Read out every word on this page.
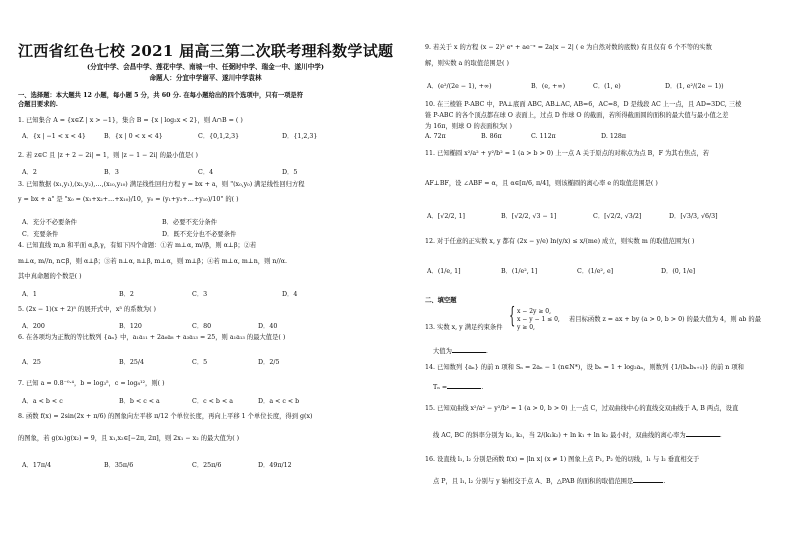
江西省红色七校 2021 届高三第二次联考理科数学试题
(分宜中学、会昌中学、莲花中学、南城一中、任弼时中学、瑞金一中、遂川中学)
命题人：分宜中学谢平、遂川中学袁林
一、选择题：本大题共 12 小题，每小题 5 分，共 60 分. 在每小题给出的四个选项中，只有一项是符
合题目要求的.
1. 已知集合 A = {x∈Z | x > −1}，集合 B = {x | log₂x < 2}，则 A∩B = ( )
A．{x | −1 < x < 4}	B．{x | 0 < x < 4}	C．{0,1,2,3}	D．{1,2,3}
2. 若 z∈C 且 |z + 2 − 2i| = 1，则 |z − 1 − 2i| 的最小值是( )
A．2	B．3	C．4	D．5
3. 已知数据 (x₁,y₁),(x₂,y₂),…,(x₁₀,y₁₀) 满足线性回归方程 y = bx + a，则 "(x₀,y₀) 满足线性回归方程
y = bx + a" 是 "x₀ = (x₁+x₂+…+x₁₀)/10，y₀ = (y₁+y₂+…+y₁₀)/10" 的( )
A．充分不必要条件	B．必要不充分条件
C．充要条件	D．既不充分也不必要条件
4. 已知直线 m,n 和平面 α,β,γ，有如下四个命题：①若 m⊥α, m//β，则 α⊥β；②若
m⊥α, m//n, n⊂β，则 α⊥β；③若 n⊥α, n⊥β, m⊥α，则 m⊥β；④若 m⊥α, m⊥n，则 n//α.
其中真命题的个数是( )
A．1	B．2	C．3	D．4
5. (2x − 1)(x + 2)⁵ 的展开式中，x³ 的系数为( )
A．200	B．120	C．80	D．40
6. 在各项均为正数的等比数列 {aₙ} 中，a₁a₁₁ + 2a₆a₈ + a₃a₁₃ = 25，则 a₁a₁₃ 的最大值是( )
A．25	B．25/4	C．5	D．2/5
7. 已知 a = 0.8⁻⁰·⁴，b = log₃⁵，c = log₈¹²，则( )
A．a < b < c	B．b < c < a	C．c < b < a	D．a < c < b
8. 函数 f(x) = 2sin(2x + π/6) 的图象向左平移 π/12 个单位长度，再向上平移 1 个单位长度，得到 g(x)
的图象，若 g(x₁)g(x₂) = 9，且 x₁,x₂∈[−2π, 2π]，则 2x₁ − x₂ 的最大值为( )
A．17π/4	B．35π/6	C．25π/6	D．49π/12
9. 若关于 x 的方程 (x − 2)² eˣ + ae⁻ˣ = 2a|x − 2| ( e 为自然对数的底数) 有且仅有 6 个不等的实数
解，则实数 a 的取值范围是( )
A．(e²/(2e − 1), +∞)	B．(e, +∞)	C．(1, e)	D．(1, e²/(2e − 1))
10. 在三棱锥 P-ABC 中，PA⊥底面 ABC, AB⊥AC, AB=6，AC=8，D 是线段 AC 上一点，且 AD=3DC, 三棱
锥 P-ABC 的各个顶点都在球 O 表面上，过点 D 作球 O 的截面，若所得截面圆的面积的最大值与最小值之差
为 16π，则球 O 的表面积为( )
A. 72π	B. 86π	C. 112π	D. 128π
11. 已知椭圆 x²/a² + y²/b² = 1 (a > b > 0) 上一点 A 关于原点的对称点为点 B，F 为其右焦点，若
AF⊥BF，设 ∠ABF = α，且 α∈[π/6, π/4]，则该椭圆的离心率 e 的取值范围是( )
A．[√2/2, 1]	B．[√2/2, √3 − 1]	C．[√2/2, √3/2]	D．[√3/3, √6/3]
12. 对于任意的正实数 x, y 都有 (2x − y/e) ln(y/x) ≤ x/(me) 成立，则实数 m 的取值范围为( )
A．(1/e, 1]	B．(1/e², 1]	C．(1/e², e]	D．(0, 1/e]
二、填空题
13. 实数 x, y 满足约束条件 { x − 2y ≥ 0,
x − y − 1 ≤ 0,
y ≥ 0,
若目标函数 z = ax + by (a > 0, b > 0) 的最大值为 4，则 ab 的最
大值为	.
14. 已知数列 {aₙ} 的前 n 项和 Sₙ = 2aₙ − 1 (n∈N*)，设 bₙ = 1 + log₂aₙ，则数列 {1/(bₙbₙ₊₁)} 的前 n 项和
Tₙ =	.
15. 已知双曲线 x²/a² − y²/b² = 1 (a > 0, b > 0) 上一点 C，过双曲线中心的直线交双曲线于 A, B 两点，设直
线 AC, BC 的斜率分别为 k₁, k₂，当 2/(k₁k₂) + ln k₁ + ln k₂ 最小时，双曲线的离心率为	.
16. 设直线 l₁, l₂ 分别是函数 f(x) = |ln x| (x ≠ 1) 图象上点 P₁, P₂ 处的切线，l₁ 与 l₂ 垂直相交于
点 P，且 l₁, l₂ 分别与 y 轴相交于点 A、B，△PAB 的面积的取值范围是	.
